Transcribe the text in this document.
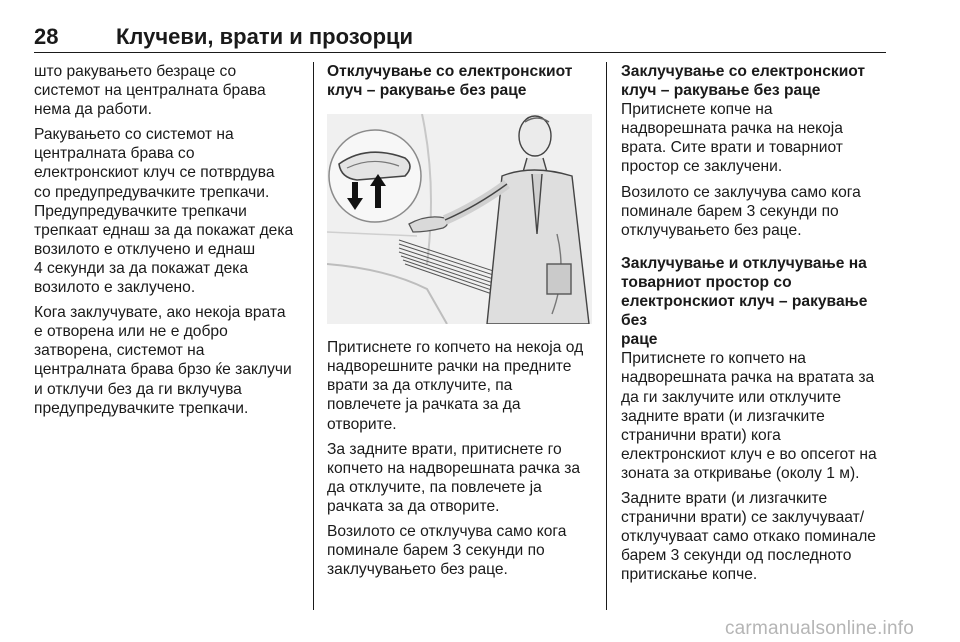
28	Клучеви, врати и прозорци

што ракувањето безраце со
системот на централната брава
нема да работи.

Ракувањето со системот на
централната брава со
електронскиот клуч се потврдува
со предупредувачките трепкачи.
Предупредувачките трепкачи
трепкаат еднаш за да покажат дека
возилото е отклучено и еднаш
4 секунди за да покажат дека
возилото е заклучено.

Кога заклучувате, ако некоја врата
е отворена или не е добро
затворена, системот на
централната брава брзо ќе заклучи
и отклучи без да ги вклучува
предупредувачките трепкачи.

Отклучување со електронскиот
клуч – ракување без раце

Притиснете го копчето на некоја од
надворешните рачки на предните
врати за да отклучите, па
повлечете ја рачката за да
отворите.

За задните врати, притиснете го
копчето на надворешната рачка за
да отклучите, па повлечете ја
рачката за да отворите.

Возилото се отклучува само кога
поминале барем 3 секунди по
заклучувањето без раце.

Заклучување со електронскиот
клуч – ракување без раце

Притиснете копче на
надворешната рачка на некоја
врата. Сите врати и товарниот
простор се заклучени.

Возилото се заклучува само кога
поминале барем 3 секунди по
отклучувањето без раце.

Заклучување и отклучување на
товарниот простор со
електронскиот клуч – ракување без
раце

Притиснете го копчето на
надворешната рачка на вратата за
да ги заклучите или отклучите
задните врати (и лизгачките
странични врати) кога
електронскиот клуч е во опсегот на
зоната за откривање (околу 1 м).

Задните врати (и лизгачките
странични врати) се заклучуваат/
отклучуваат само откако поминале
барем 3 секунди од последното
притискање копче.

carmanualsonline.info
